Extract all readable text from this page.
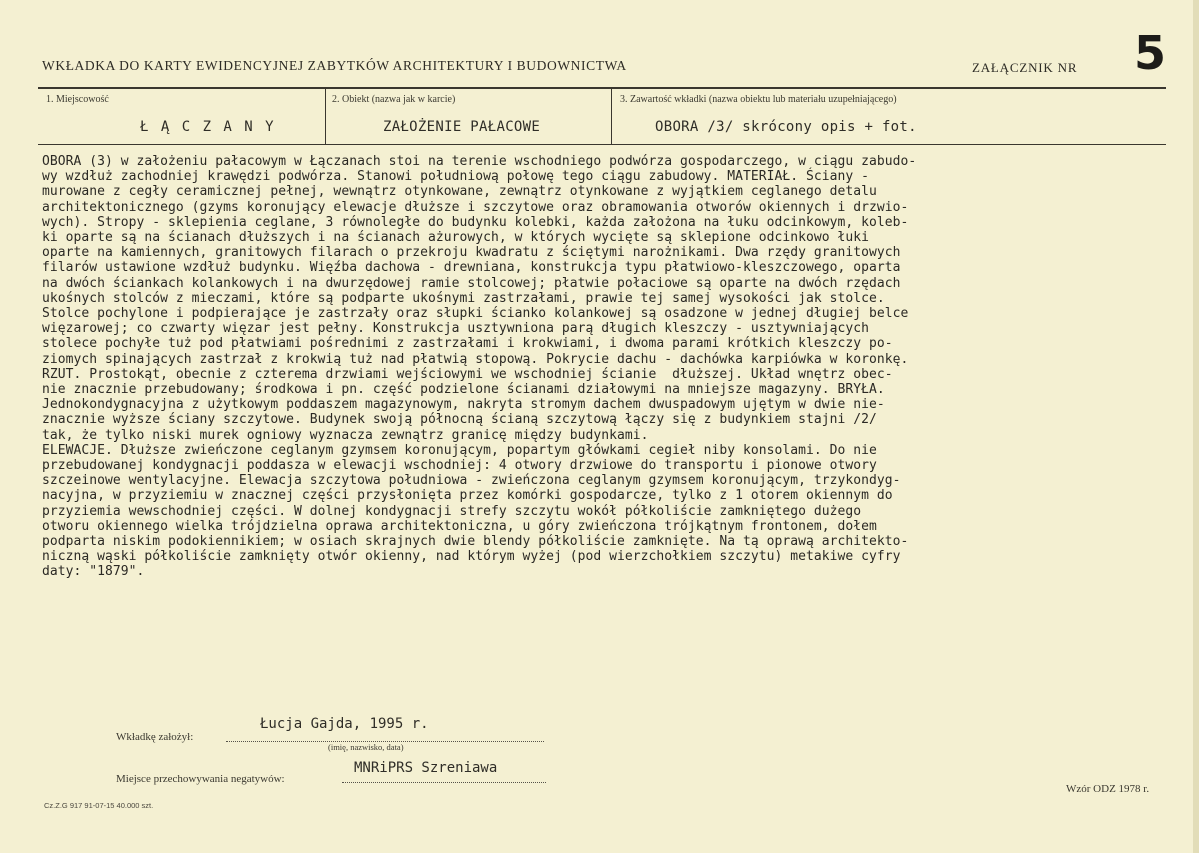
WKŁADKA DO KARTY EWIDENCYJNEJ ZABYTKÓW ARCHITEKTURY I BUDOWNICTWA	ZAŁĄCZNIK NR 5
1. Miejscowość
Ł Ą C Z A N Y
2. Obiekt (nazwa jak w karcie)
ZAŁOŻENIE PAŁACOWE
3. Zawartość wkładki (nazwa obiektu lub materiału uzupełniającego)
OBORA /3/ skrócony opis + fot.
OBORA (3) w założeniu pałacowym w Łączanach stoi na terenie wschodniego podwórza gospodarczego, w ciągu zabudo-
wy wzdłuż zachodniej krawędzi podwórza. Stanowi południową połowę tego ciągu zabudowy. MATERIAŁ. Ściany -
murowane z cegły ceramicznej pełnej, wewnątrz otynkowane, zewnątrz otynkowane z wyjątkiem ceglanego detalu
architektonicznego (gzyms koronujący elewacje dłuższe i szczytowe oraz obramowania otworów okiennych i drzwio-
wych). Stropy - sklepienia ceglane, 3 równoległe do budynku kolebki, każda założona na łuku odcinkowym, koleb-
ki oparte są na ścianach dłuższych i na ścianach ażurowych, w których wycięte są sklepione odcinkowo łuki
oparte na kamiennych, granitowych filarach o przekroju kwadratu z ściętymi narożnikami. Dwa rzędy granitowych
filarów ustawione wzdłuż budynku. Więźba dachowa - drewniana, konstrukcja typu płatwiowo-kleszczowego, oparta
na dwóch ściankach kolankowych i na dwurzędowej ramie stolcowej; płatwie połaciowe są oparte na dwóch rzędach
ukośnych stolców z mieczami, które są podparte ukośnymi zastrzałami, prawie tej samej wysokości jak stolce.
Stolce pochylone i podpierające je zastrzały oraz słupki ścianko kolankowej są osadzone w jednej długiej belce
więzarowej; co czwarty więzar jest pełny. Konstrukcja usztywniona parą długich kleszczy - usztywniających
stolece pochyłe tuż pod płatwiami pośrednimi z zastrzałami i krokwiami, i dwoma parami krótkich kleszczy po-
ziomych spinających zastrzał z krokwią tuż nad płatwią stopową. Pokrycie dachu - dachówka karpiówka w koronkę.
RZUT. Prostokąt, obecnie z czterema drzwiami wejściowymi we wschodniej ścianie  dłuższej. Układ wnętrz obec-
nie znacznie przebudowany; środkowa i pn. część podzielone ścianami działowymi na mniejsze magazyny. BRYŁA.
Jednokondygnacyjna z użytkowym poddaszem magazynowym, nakryta stromym dachem dwuspadowym ujętym w dwie nie-
znacznie wyższe ściany szczytowe. Budynek swoją północną ścianą szczytową łączy się z budynkiem stajni /2/
tak, że tylko niski murek ogniowy wyznacza zewnątrz granicę między budynkami.
ELEWACJE. Dłuższe zwieńczone ceglanym gzymsem koronującym, popartym główkami cegieł niby konsolami. Do nie
przebudowanej kondygnacji poddasza w elewacji wschodniej: 4 otwory drzwiowe do transportu i pionowe otwory
szczeinowe wentylacyjne. Elewacja szczytowa południowa - zwieńczona ceglanym gzymsem koronującym, trzykondyg-
nacyjna, w przyziemiu w znacznej części przysłonięta przez komórki gospodarcze, tylko z 1 otorem okiennym do
przyziemia wewschodniej części. W dolnej kondygnacji strefy szczytu wokół półkoliście zamkniętego dużego
otworu okiennego wielka trójdzielna oprawa architektoniczna, u góry zwieńczona trójkątnym frontonem, dołem
podparta niskim podokiennikiem; w osiach skrajnych dwie blendy półkoliście zamknięte. Na tą oprawą architekto-
niczną wąski półkoliście zamknięty otwór okienny, nad którym wyżej (pod wierzchołkiem szczytu) metakiwe cyfry
daty: "1879".
Wkładkę założył:
Łucja Gajda, 1995 r.
(imię, nazwisko, data)
Miejsce przechowywania negatywów:
MNRiPRS Szreniawa
Cz.Z.G 917 91-07-15 40.000 szt.
Wzór ODZ 1978 r.
